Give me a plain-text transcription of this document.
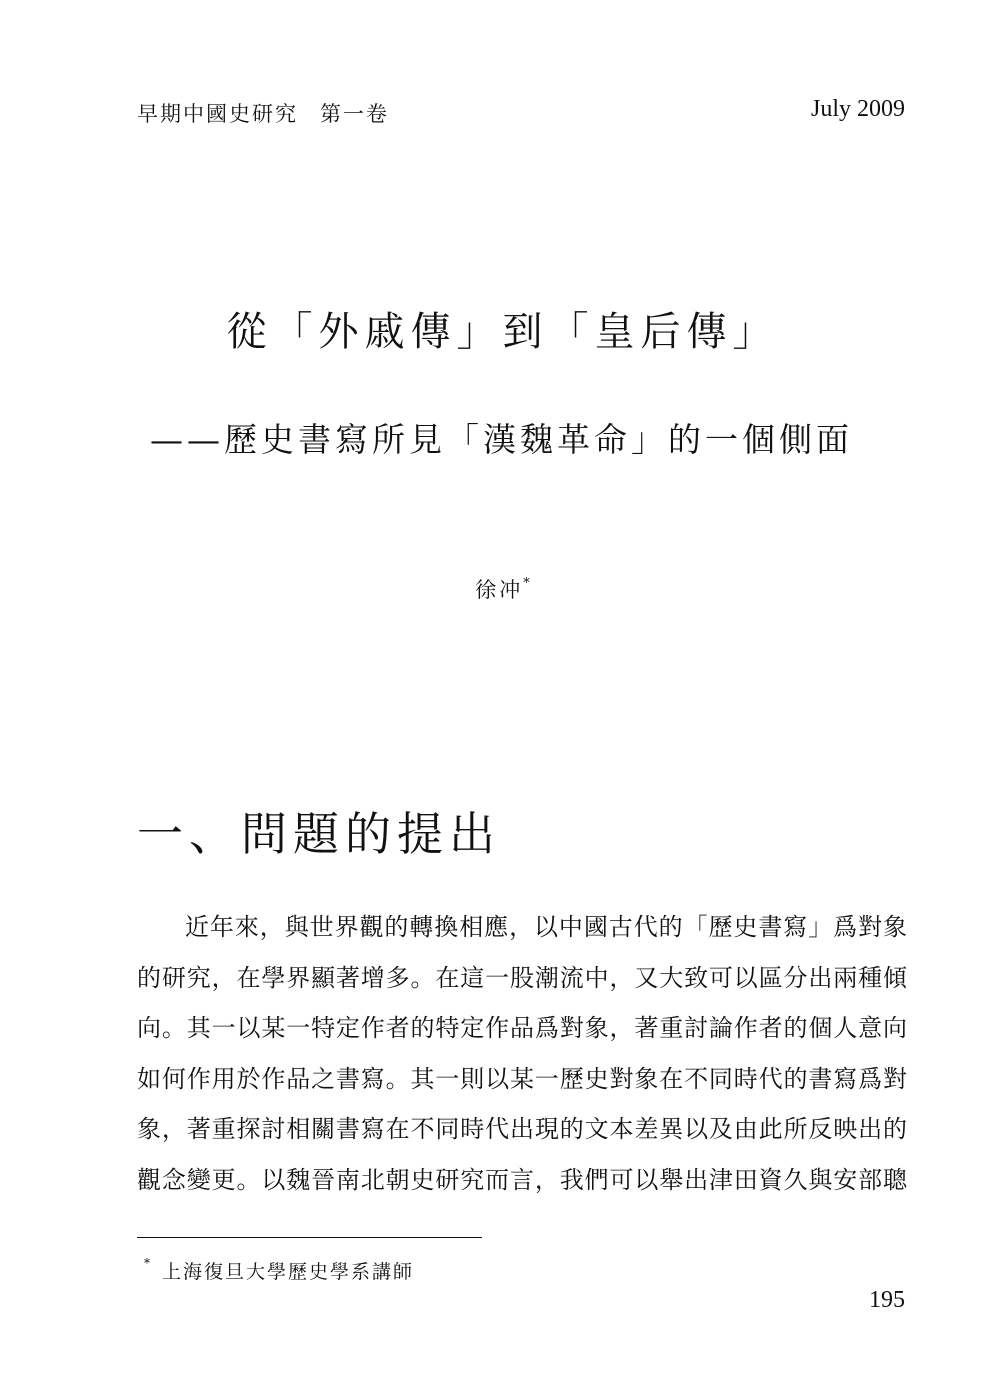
早期中國史研究 第一卷	July 2009
從「外戚傳」到「皇后傳」
——歷史書寫所見「漢魏革命」的一個側面
徐冲*
一、問題的提出
近年來，與世界觀的轉換相應，以中國古代的「歷史書寫」爲對象
的研究，在學界顯著增多。在這一股潮流中，又大致可以區分出兩種傾
向。其一以某一特定作者的特定作品爲對象，著重討論作者的個人意向
如何作用於作品之書寫。其一則以某一歷史對象在不同時代的書寫爲對
象，著重探討相關書寫在不同時代出現的文本差異以及由此所反映出的
觀念變更。以魏晉南北朝史研究而言，我們可以舉出津田資久與安部聰
* 上海復旦大學歷史學系講師
195
